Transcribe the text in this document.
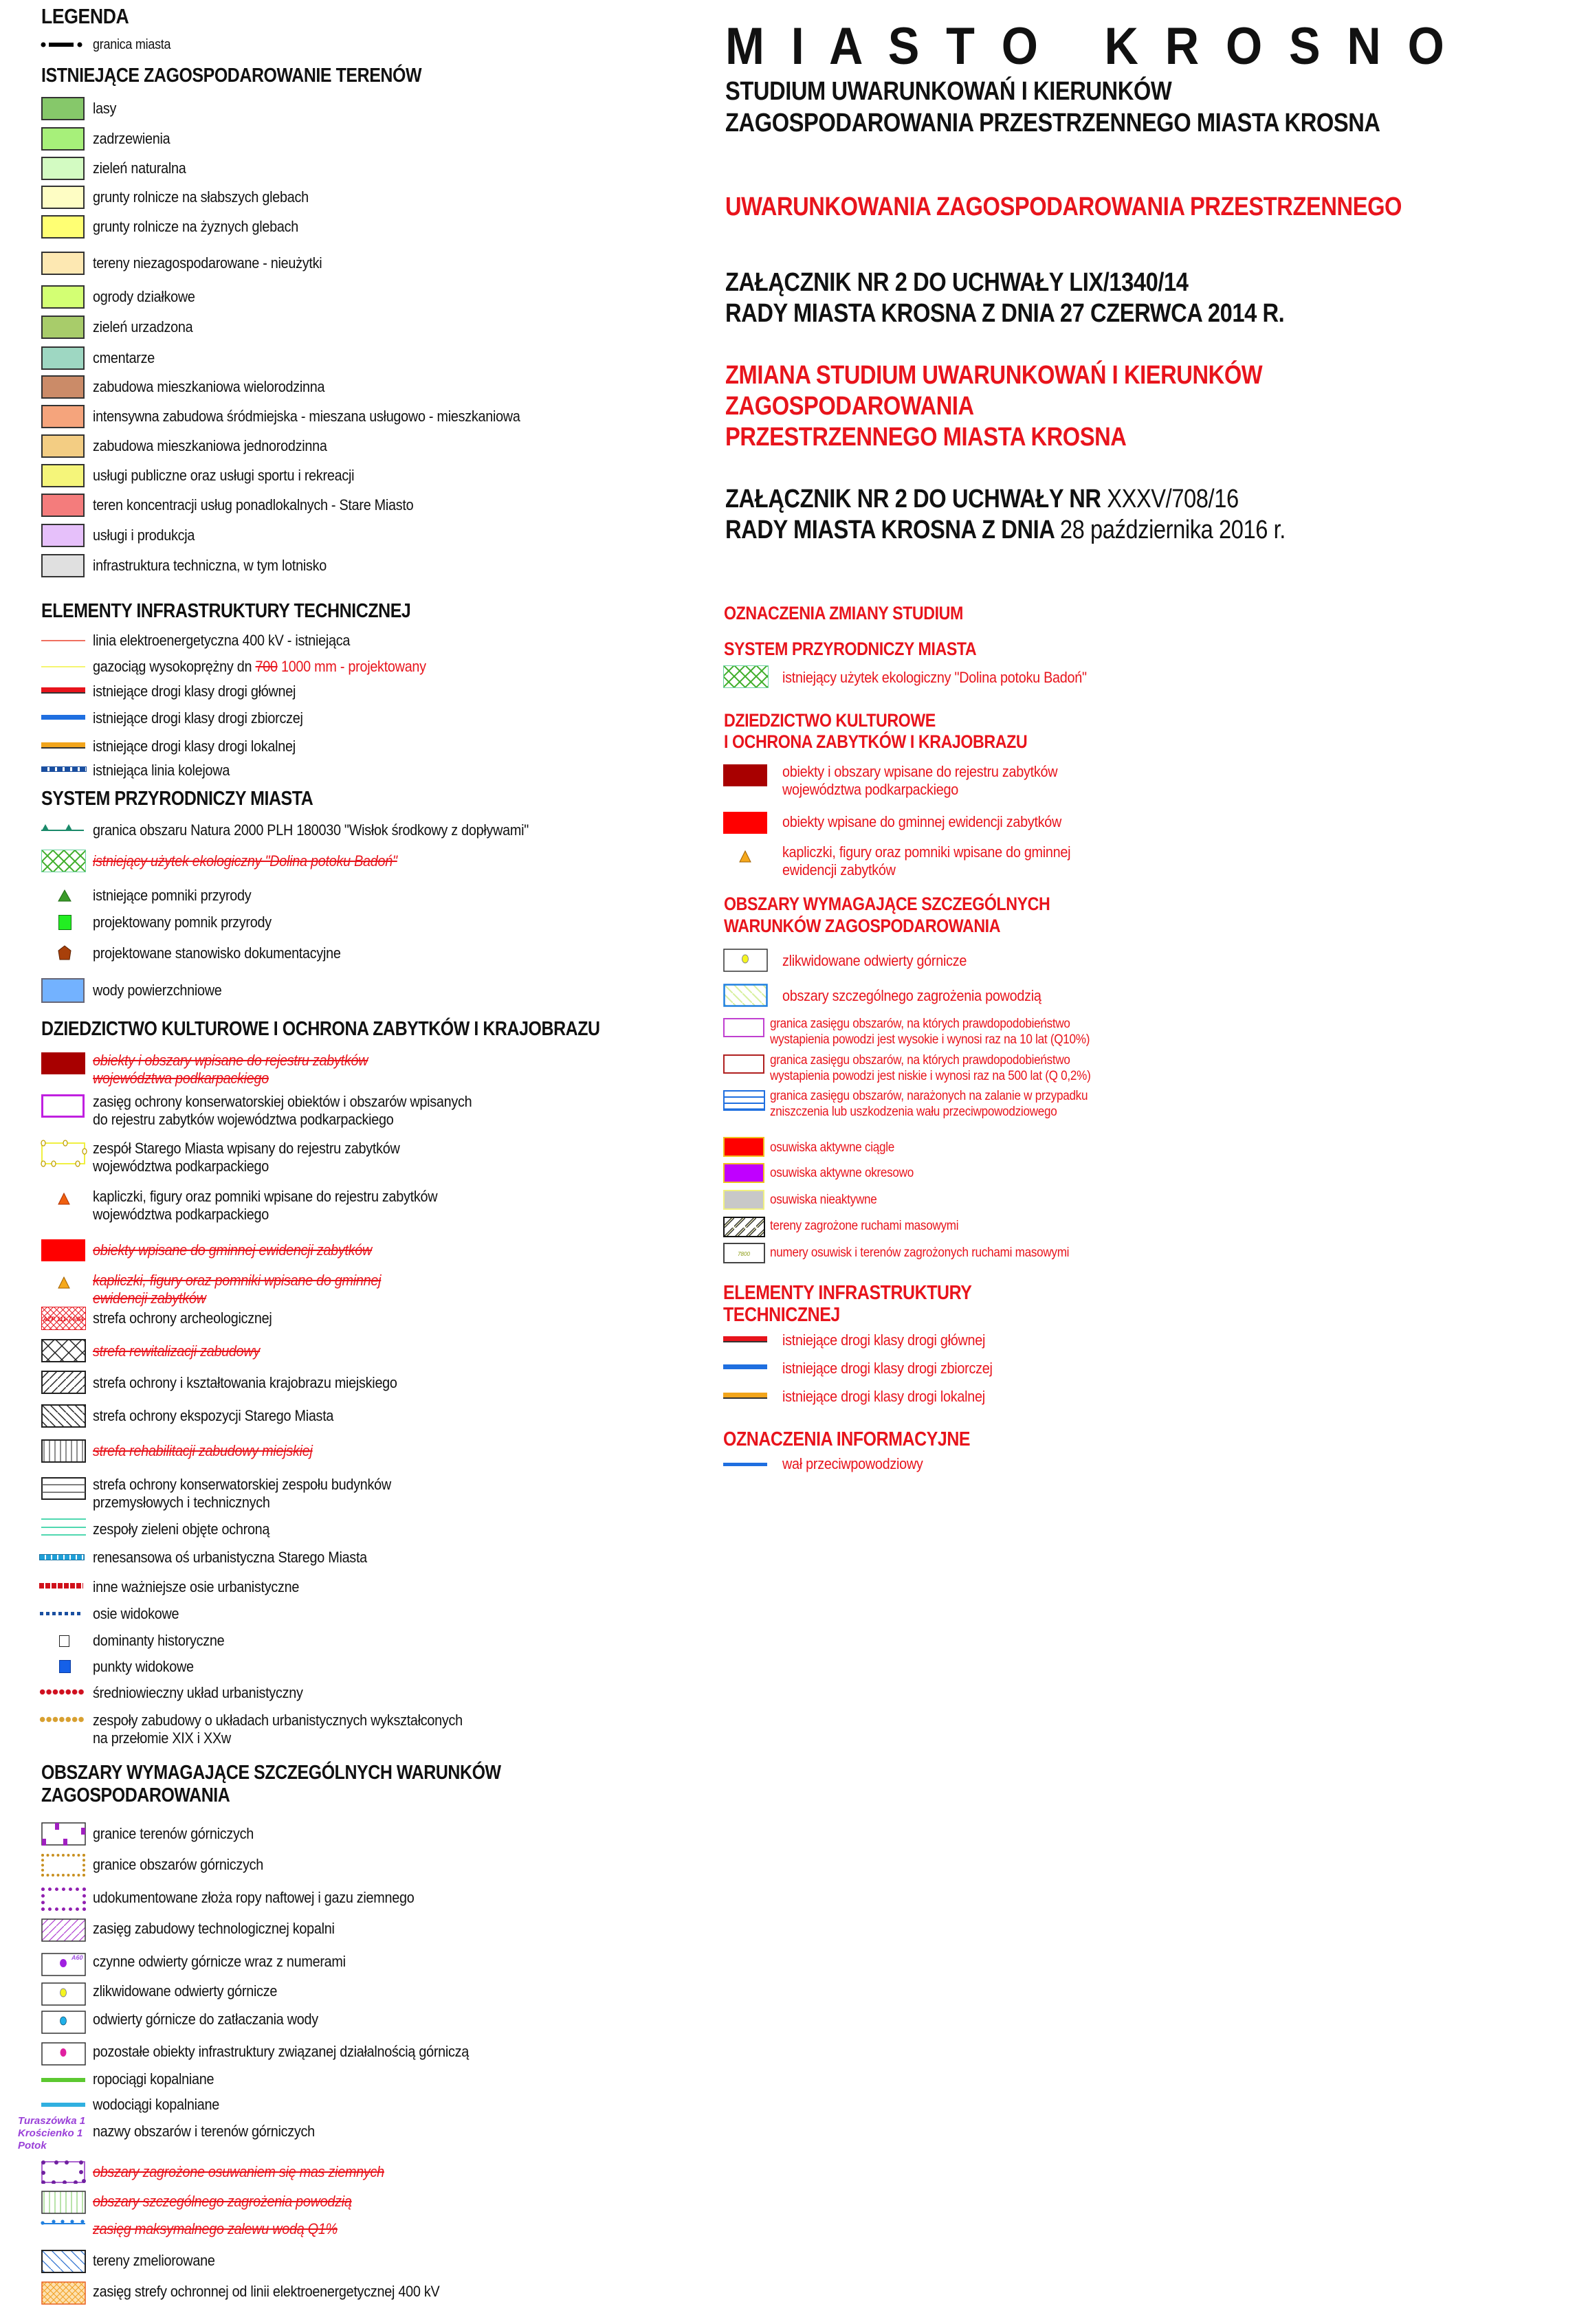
LEGENDA
granica miasta
ISTNIEJĄCE ZAGOSPODAROWANIE TERENÓW
lasy
zadrzewienia
zieleń naturalna
grunty rolnicze na słabszych glebach
grunty rolnicze na żyznych glebach
tereny niezagospodarowane - nieużytki
ogrody działkowe
zieleń urzadzona
cmentarze
zabudowa mieszkaniowa wielorodzinna
intensywna zabudowa śródmiejska - mieszana usługowo - mieszkaniowa
zabudowa mieszkaniowa jednorodzinna
usługi publiczne oraz usługi sportu i rekreacji
teren koncentracji usług ponadlokalnych - Stare Miasto
usługi i produkcja
infrastruktura techniczna, w tym lotnisko
ELEMENTY INFRASTRUKTURY TECHNICZNEJ
linia elektroenergetyczna 400 kV - istniejąca
gazociąg wysokoprężny dn 700 1000 mm - projektowany
istniejące drogi klasy drogi głównej
istniejące drogi klasy drogi zbiorczej
istniejące drogi klasy drogi lokalnej
istniejąca linia kolejowa
SYSTEM PRZYRODNICZY MIASTA
granica obszaru Natura 2000 PLH 180030 "Wisłok środkowy z dopływami"
istniejący użytek ekologiczny "Dolina potoku Badoń"
istniejące pomniki przyrody
projektowany pomnik przyrody
projektowane stanowisko dokumentacyjne
wody powierzchniowe
DZIEDZICTWO KULTUROWE I OCHRONA ZABYTKÓW I KRAJOBRAZU
obiekty i obszary wpisane do rejestru zabytków
województwa podkarpackiego
zasięg ochrony konserwatorskiej obiektów i obszarów wpisanych
do rejestru zabytków województwa podkarpackiego
zespół Starego Miasta wpisany do rejestru zabytków
województwa podkarpackiego
kapliczki, figury oraz pomniki wpisane do rejestru zabytków
województwa podkarpackiego
obiekty wpisane do gminnej ewidencji zabytków
kapliczki, figury oraz pomniki wpisane do gminnej
ewidencji zabytków
AZP 111-74/64 strefa ochrony archeologicznej
strefa rewitalizacji zabudowy
strefa ochrony i kształtowania krajobrazu miejskiego
strefa ochrony ekspozycji Starego Miasta
strefa rehabilitacji zabudowy miejskiej
strefa ochrony konserwatorskiej zespołu budynków
przemysłowych i technicznych
zespoły zieleni objęte ochroną
renesansowa oś urbanistyczna Starego Miasta
inne ważniejsze osie urbanistyczne
osie widokowe
dominanty historyczne
punkty widokowe
średniowieczny układ urbanistyczny
zespoły zabudowy o układach urbanistycznych wykształconych
na przełomie XIX i XXw
OBSZARY WYMAGAJĄCE SZCZEGÓLNYCH WARUNKÓW
ZAGOSPODAROWANIA
granice terenów górniczych
granice obszarów górniczych
udokumentowane złoża ropy naftowej i gazu ziemnego
zasięg zabudowy technologicznej kopalni
A60 czynne odwierty górnicze wraz z numerami
zlikwidowane odwierty górnicze
odwierty górnicze do zatłaczania wody
pozostałe obiekty infrastruktury związanej działalnością górniczą
ropociągi kopalniane
wodociągi kopalniane
Turaszówka 1
Krościenko 1
Potok
nazwy obszarów i terenów górniczych
obszary zagrożone osuwaniem się mas ziemnych
obszary szczególnego zagrożenia powodzią
zasięg maksymalnego zalewu wodą Q1%
tereny zmeliorowane
zasięg strefy ochronnej od linii elektroenergetycznej 400 kV
M I A S T O   K R O S N O
STUDIUM UWARUNKOWAŃ I KIERUNKÓW
ZAGOSPODAROWANIA PRZESTRZENNEGO MIASTA KROSNA
UWARUNKOWANIA ZAGOSPODAROWANIA PRZESTRZENNEGO
ZAŁĄCZNIK NR 2 DO UCHWAŁY LIX/1340/14
RADY MIASTA KROSNA Z DNIA 27 CZERWCA 2014 R.
ZMIANA STUDIUM UWARUNKOWAŃ I KIERUNKÓW
ZAGOSPODAROWANIA
PRZESTRZENNEGO MIASTA KROSNA
ZAŁĄCZNIK NR 2 DO UCHWAŁY NR XXXV/708/16
RADY MIASTA KROSNA Z DNIA 28 października 2016 r.
OZNACZENIA ZMIANY STUDIUM
SYSTEM PRZYRODNICZY MIASTA
istniejący użytek ekologiczny "Dolina potoku Badoń"
DZIEDZICTWO KULTUROWE
I OCHRONA ZABYTKÓW I KRAJOBRAZU
obiekty i obszary wpisane do rejestru zabytków
województwa podkarpackiego
obiekty wpisane do gminnej ewidencji zabytków
kapliczki, figury oraz pomniki wpisane do gminnej
ewidencji zabytków
OBSZARY WYMAGAJĄCE SZCZEGÓLNYCH
WARUNKÓW ZAGOSPODAROWANIA
zlikwidowane odwierty górnicze
obszary szczególnego zagrożenia powodzią
granica zasięgu obszarów, na których prawdopodobieństwo
wystapienia powodzi jest wysokie i wynosi raz na 10 lat (Q10%)
granica zasięgu obszarów, na których prawdopodobieństwo
wystapienia powodzi jest niskie i wynosi raz na 500 lat (Q 0,2%)
granica zasięgu obszarów, narażonych na zalanie w przypadku
zniszczenia lub uszkodzenia wału przeciwpowodziowego
osuwiska aktywne ciągle
osuwiska aktywne okresowo
osuwiska nieaktywne
tereny zagrożone ruchami masowymi
7800 numery osuwisk i terenów zagrożonych ruchami masowymi
ELEMENTY INFRASTRUKTURY
TECHNICZNEJ
istniejące drogi klasy drogi głównej
istniejące drogi klasy drogi zbiorczej
istniejące drogi klasy drogi lokalnej
OZNACZENIA INFORMACYJNE
wał przeciwpowodziowy
